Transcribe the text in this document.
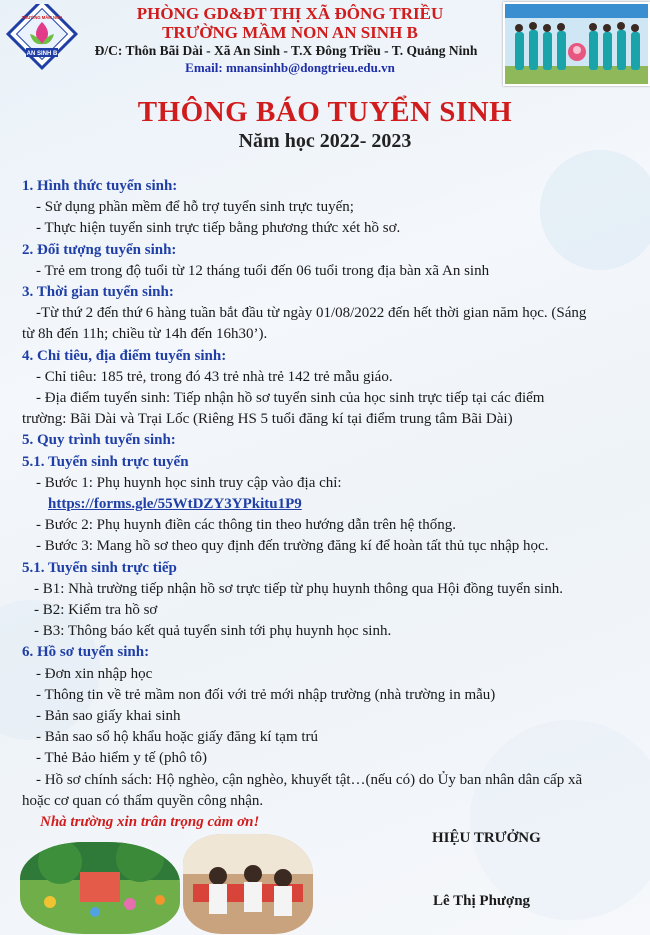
AN SINH B
TRƯỜNG MẦM NON	PHÒNG GD&ĐT THỊ XÃ ĐÔNG TRIỀU
TRƯỜNG MẦM NON AN SINH B
Đ/C: Thôn Bãi Dài - Xã An Sinh - T.X Đông Triều - T. Quảng Ninh
Email: mnansinhb@dongtrieu.edu.vn
THÔNG BÁO TUYỂN SINH
Năm học 2022- 2023
1. Hình thức tuyển sinh:
- Sử dụng phần mềm để hỗ trợ tuyển sinh trực tuyến;
- Thực hiện tuyển sinh trực tiếp bằng phương thức xét hồ sơ.
2. Đối tượng tuyển sinh:
- Trẻ em trong độ tuổi từ 12 tháng tuổi đến 06 tuổi trong địa bàn xã An sinh
3. Thời gian tuyển sinh:
-Từ thứ 2 đến thứ 6 hàng tuần bắt đầu từ ngày 01/08/2022 đến hết thời gian năm học. (Sáng
từ 8h đến 11h; chiều từ 14h đến 16h30’).
4. Chỉ tiêu, địa điểm tuyển sinh:
- Chỉ tiêu: 185 trẻ, trong đó 43 trẻ nhà trẻ 142 trẻ mẫu giáo.
- Địa điểm tuyển sinh: Tiếp nhận hồ sơ tuyển sinh của học sinh trực tiếp tại các điểm
trường: Bãi Dài và Trại Lốc (Riêng HS 5 tuổi đăng kí tại điểm trung tâm Bãi Dài)
5. Quy trình tuyển sinh:
5.1. Tuyển sinh trực tuyến
- Bước 1: Phụ huynh học sinh truy cập vào địa chỉ:
https://forms.gle/55WtDZY3YPkitu1P9
- Bước 2: Phụ huynh điền các thông tin theo hướng dẫn trên hệ thống.
- Bước 3: Mang hồ sơ theo quy định đến trường đăng kí để hoàn tất thủ tục nhập học.
5.1. Tuyển sinh trực tiếp
- B1: Nhà trường tiếp nhận hồ sơ trực tiếp từ phụ huynh thông qua Hội đồng tuyển sinh.
- B2: Kiểm tra hồ sơ
- B3: Thông báo kết quả tuyển sinh tới phụ huynh học sinh.
6. Hồ sơ tuyển sinh:
- Đơn xin nhập học
- Thông tin về trẻ mầm non đối với trẻ mới nhập trường (nhà trường in mẫu)
- Bản sao giấy khai sinh
- Bản sao sổ hộ khẩu hoặc giấy đăng kí tạm trú
- Thẻ Bảo hiểm y tế (phô tô)
- Hồ sơ chính sách: Hộ nghèo, cận nghèo, khuyết tật…(nếu có) do Ủy ban nhân dân cấp xã
hoặc cơ quan có thẩm quyền công nhận.
Nhà trường xin trân trọng cảm ơn!
HIỆU TRƯỞNG
Lê Thị Phượng
